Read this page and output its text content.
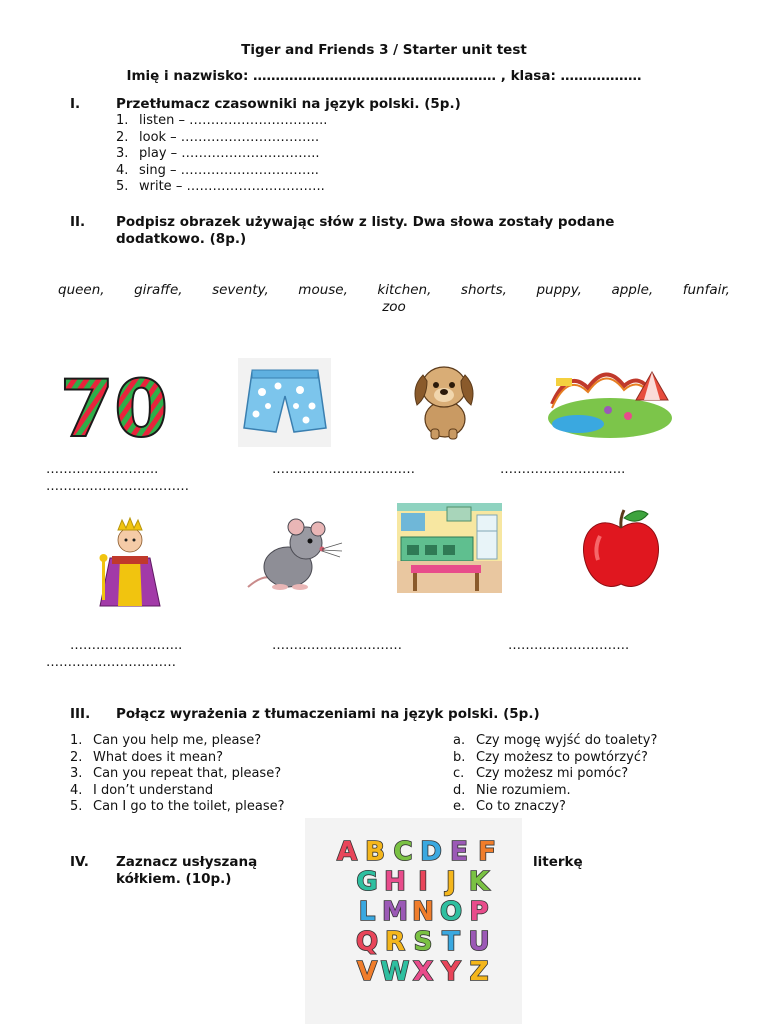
Tiger and Friends 3 / Starter unit test
Imię i nazwisko: ……………………………………………… , klasa: ………………
I.	Przetłumacz czasowniki na język polski. (5p.)
1. listen – …………………………..
2. look – …………………………..
3. play – …………………………..
4. sing – …………………………..
5. write – …………………………..
II. Podpisz obrazek używając słów z listy. Dwa słowa zostały podane
dodatkowo. (8p.)
queen, giraffe, seventy, mouse, kitchen, shorts, puppy, apple, funfair,
zoo
70
……………………..	……………………………	………………………..
……………………………
……………………..	…………………………	……………………….
…………………………
III. Połącz wyrażenia z tłumaczeniami na język polski. (5p.)
1. Can you help me, please?
2. What does it mean?
3. Can you repeat that, please?
4. I don’t understand
5. Can I go to the toilet, please?
a. Czy mogę wyjść do toalety?
b. Czy możesz to powtórzyć?
c. Czy możesz mi pomóc?
d. Nie rozumiem.
e. Co to znaczy?
IV. Zaznacz usłyszaną
kółkiem. (10p.)
literkę
A B C D E F
G H I J K
L M N O P
Q R S T U
V W X Y Z
